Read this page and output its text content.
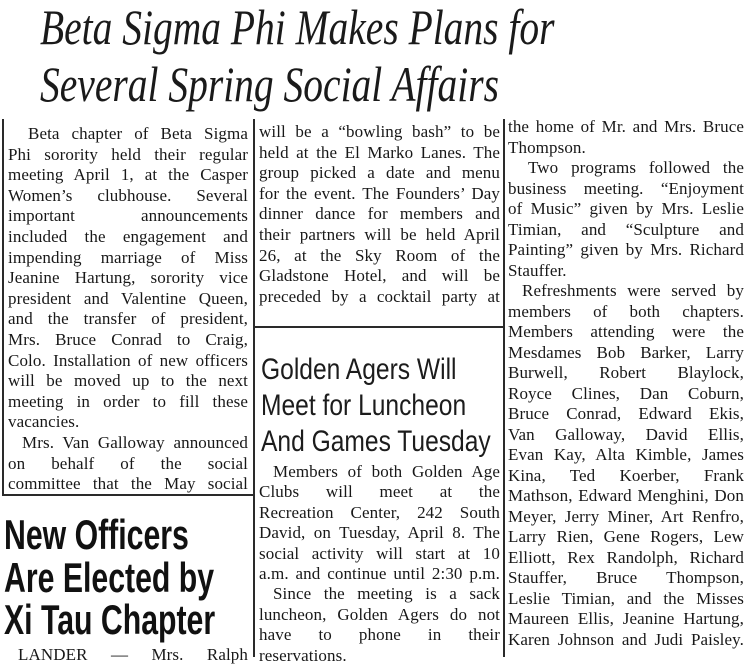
Beta Sigma Phi Makes Plans for
Several Spring Social Affairs
Beta chapter of Beta Sigma
Phi sorority held their regular
meeting April 1, at the Casper
Women’s clubhouse. Several
important announcements
included the engagement and
impending marriage of Miss
Jeanine Hartung, sorority vice
president and Valentine Queen,
and the transfer of president,
Mrs. Bruce Conrad to Craig,
Colo. Installation of new officers
will be moved up to the next
meeting in order to fill these
vacancies.
Mrs. Van Galloway announced
on behalf of the social
committee that the May social
will be a “bowling bash” to be
held at the El Marko Lanes. The
group picked a date and menu
for the event. The Founders’ Day
dinner dance for members and
their partners will be held April
26, at the Sky Room of the
Gladstone Hotel, and will be
preceded by a cocktail party at
the home of Mr. and Mrs. Bruce
Thompson.
Two programs followed the
business meeting. “Enjoyment
of Music” given by Mrs. Leslie
Timian, and “Sculpture and
Painting” given by Mrs. Richard
Stauffer.
Refreshments were served by
members of both chapters.
Members attending were the
Mesdames Bob Barker, Larry
Burwell, Robert Blaylock,
Royce Clines, Dan Coburn,
Bruce Conrad, Edward Ekis,
Van Galloway, David Ellis,
Evan Kay, Alta Kimble, James
Kina, Ted Koerber, Frank
Mathson, Edward Menghini, Don
Meyer, Jerry Miner, Art Renfro,
Larry Rien, Gene Rogers, Lew
Elliott, Rex Randolph, Richard
Stauffer, Bruce Thompson,
Leslie Timian, and the Misses
Maureen Ellis, Jeanine Hartung,
Karen Johnson and Judi Paisley.
Golden Agers Will
Meet for Luncheon
And Games Tuesday
Members of both Golden Age
Clubs will meet at the
Recreation Center, 242 South
David, on Tuesday, April 8. The
social activity will start at 10
a.m. and continue until 2:30 p.m.
Since the meeting is a sack
luncheon, Golden Agers do not
have to phone in their
reservations.
New Officers
Are Elected by
Xi Tau Chapter
LANDER — Mrs. Ralph
